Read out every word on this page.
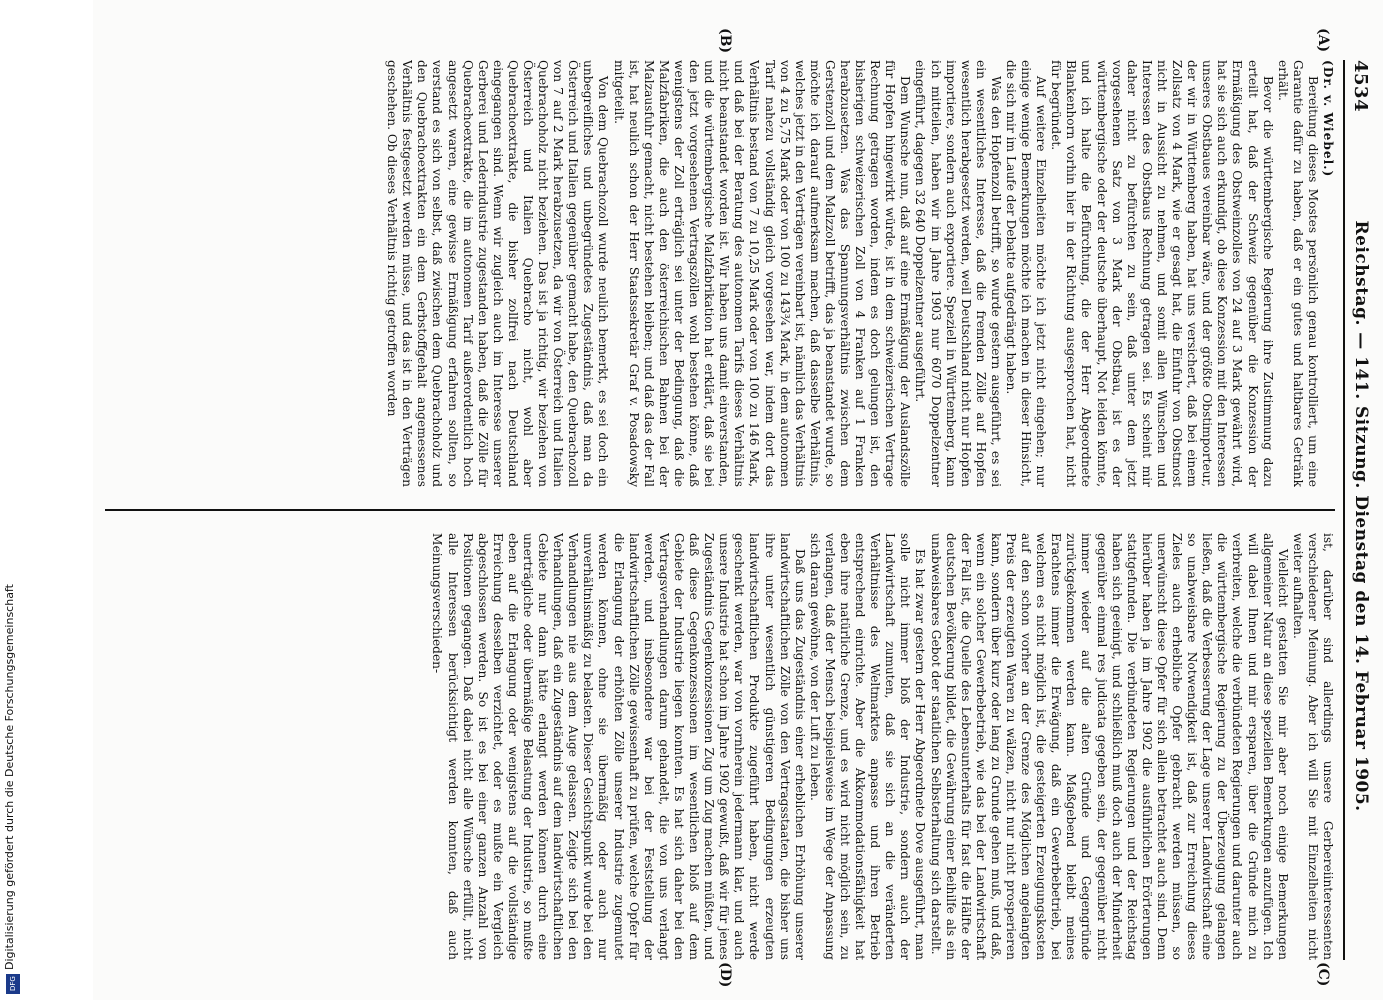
4534
Reichstag. — 141. Sitzung. Dienstag den 14. Februar 1905.

(Dr. v. Wiebel.)

Bereitung dieses Mostes persönlich genau kontrolliert, um eine Garantie dafür zu haben, daß er ein gutes und haltbares Getränk erhält.

Bevor die württembergische Regierung ihre Zustimmung dazu erteilt hat, daß der Schweiz gegenüber die Konzession der Ermäßigung des Obstweinzolles von 24 auf 3 Mark gewährt wird, hat sie sich auch erkundigt, ob diese Konzession mit den Interessen unseres Obstbaues vereinbar wäre, und der größte Obstimporteur, der wir in Württemberg haben, hat uns versichert, daß bei einem Zollsatz von 4 Mark, wie er gesagt hat, die Einfuhr von Obstmost nicht in Aussicht zu nehmen, und somit allen Wünschen und Interessen des Obstbaus Rechnung getragen sei. Es scheint mir daher nicht zu befürchten zu sein, daß unter dem jetzt vorgesehenen Satz von 3 Mark der Obstbau, ist es der württembergische oder der deutsche überhaupt, Not leiden könnte, und ich halte die Befürchtung, die der Herr Abgeordnete Blankenhorn vorhin hier in der Richtung ausgesprochen hat, nicht für begründet.

Auf weitere Einzelheiten möchte ich jetzt nicht eingehen; nur einige wenige Bemerkungen möchte ich machen in dieser Hinsicht, die sich mir im Laufe der Debatte aufgedrängt haben.

Was den Hopfenzoll betrifft, so wurde gestern ausgeführt, es sei ein wesentliches Interesse, daß die fremden Zölle auf Hopfen wesentlich herabgesetzt werden, weil Deutschland nicht nur Hopfen importiere, sondern auch exportiere. Speziell in Württemberg, kann ich mitteilen, haben wir im Jahre 1903 nur 6070 Doppelzentner eingeführt, dagegen 32 640 Doppelzentner ausgeführt.

Dem Wunsche nun, daß auf eine Ermäßigung der Auslandszölle für Hopfen hingewirkt würde, ist in dem schweizerischen Vertrage Rechnung getragen worden, indem es doch gelungen ist, den bisherigen schweizerischen Zoll von 4 Franken auf 1 Franken herabzusetzen. Was das Spannungsverhältnis zwischen dem Gerstenzoll und dem Malzzoll betrifft, das ja beanstandet wurde, so möchte ich darauf aufmerksam machen, daß dasselbe Verhältnis, welches jetzt in den Verträgen vereinbart ist, nämlich das Verhältnis von 4 zu 5,75 Mark oder von 100 zu 143¾ Mark, in dem autonomen Tarif nahezu vollständig gleich vorgesehen war, indem dort das Verhältnis bestand von 7 zu 10,25 Mark oder von 100 zu 146 Mark, und daß bei der Beratung des autonomen Tarifs dieses Verhältnis nicht beanstandet worden ist. Wir haben uns damit einverstanden, und die württembergische Malzfabrikation hat erklärt, daß sie bei den jetzt vorgesehenen Vertragszöllen wohl bestehen könne, daß wenigstens der Zoll erträglich sei unter der Bedingung, daß die Malzfabriken, die auch den österreichischen Bahnen bei der Malzausfuhr gemacht, nicht bestehen bleiben; und daß das der Fall ist, hat neulich schon der Herr Staatssekretär Graf v. Posadowsky mitgeteilt.

Von dem Quebrachozoll wurde neulich bemerkt, es sei doch ein unbegreifliches und unbegründetes Zugeständnis, daß man da Österreich und Italien gegenüber gemacht habe, den Quebrachozoll von 7 auf 2 Mark herabzusetzen, da wir von Österreich und Italien Quebrachoholz nicht beziehen. Das ist ja richtig, wir beziehen von Österreich und Italien Quebracho nicht, wohl aber Quebrachoextrakte, die bisher zollfrei nach Deutschland eingegangen sind. Wenn wir zugleich auch im Interesse unserer Gerberei und Lederindustrie zugestanden haben, daß die Zölle für Quebrachoextrakte, die im autonomen Tarif außerordentlich hoch angesetzt waren, eine gewisse Ermäßigung erfahren sollten, so verstand es sich von selbst, daß zwischen dem Quebrachoholz und den Quebrachoextrakten ein dem Gerbstoffgehalt angemessenes Verhältnis festgesetzt werden müsse, und das ist in den Verträgen geschehen. Ob dieses Verhältnis richtig getroffen worden

ist, darüber sind allerdings unsere Gerbereiinteressenten verschiedener Meinung. Aber ich will Sie mit Einzelheiten nicht weiter aufhalten.

Vielleicht gestatten Sie mir aber noch einige Bemerkungen allgemeiner Natur an diese speziellen Bemerkungen anzufügen. Ich will dabei Ihnen und mir ersparen, über die Gründe mich zu verbreiten, welche die verbündeten Regierungen und darunter auch die württembergische Regierung zu der Überzeugung gelangen ließen, daß die Verbesserung der Lage unserer Landwirtschaft eine so unabweisbare Notwendigkeit ist, daß zur Erreichung dieses Zieles auch erhebliche Opfer gebracht werden müssen, so unerwünscht diese Opfer für sich allein betrachtet auch sind. Denn hierüber haben ja im Jahre 1902 die ausführlichen Erörterungen stattgefunden. Die verbündeten Regierungen und der Reichstag haben sich geeinigt, und schließlich muß doch auch der Minderheit gegenüber einmal res judicata gegeben sein, der gegenüber nicht immer wieder auf die alten Gründe und Gegengründe zurückgekommen werden kann. Maßgebend bleibt meines Erachtens immer die Erwägung, daß ein Gewerbebetrieb, bei welchem es nicht möglich ist, die gesteigerten Erzeugungskosten auf den schon vorher an der Grenze des Möglichen angelangten Preis der erzeugten Waren zu wälzen, nicht nur nicht prosperieren kann, sondern über kurz oder lang zu Grunde gehen muß, und daß, wenn ein solcher Gewerbebetrieb, wie das bei der Landwirtschaft der Fall ist, die Quelle des Lebensunterhalts für fast die Hälfte der deutschen Bevölkerung bildet, die Gewährung einer Beihilfe als ein unabweisbares Gebot der staatlichen Selbsterhaltung sich darstellt.

Es hat zwar gestern der Herr Abgeordnete Dove ausgeführt, man solle nicht immer bloß der Industrie, sondern auch der Landwirtschaft zumuten, daß sie sich an die veränderten Verhältnisse des Weltmarktes anpasse und ihren Betrieb entsprechend einrichte. Aber die Akkommodationsfähigkeit hat eben ihre natürliche Grenze, und es wird nicht möglich sein, zu verlangen, daß der Mensch beispielsweise im Wege der Anpassung sich daran gewöhne, von der Luft zu leben.

Daß uns das Zugeständnis einer erheblichen Erhöhung unserer landwirtschaftlichen Zölle von den Vertragsstaaten, die bisher uns ihre unter wesentlich günstigeren Bedingungen erzeugten landwirtschaftlichen Produkte zugeführt haben, nicht werde geschenkt werden, war von vornherein jedermann klar, und auch unsere Industrie hat schon im Jahre 1902 gewußt, daß wir für jenes Zugeständnis Gegenkonzessionen Zug um Zug machen müßten, und daß diese Gegenkonzessionen im wesentlichen bloß auf dem Gebiete der Industrie liegen konnten. Es hat sich daher bei den Vertragsverhandlungen darum gehandelt, die von uns verlangt werden, und insbesondere war bei der Feststellung der landwirtschaftlichen Zölle gewissenhaft zu prüfen, welche Opfer für die Erlangung der erhöhten Zölle unserer Industrie zugemutet werden können, ohne sie übermäßig oder auch nur unverhältnismäßig zu belasten. Dieser Gesichtspunkt wurde bei den Verhandlungen nie aus dem Auge gelassen. Zeigte sich bei den Verhandlungen, daß ein Zugeständnis auf dem landwirtschaftlichen Gebiete nur dann hätte erlangt werden können durch eine unerträgliche oder übermäßige Belastung der Industrie, so mußte eben auf die Erlangung oder wenigstens auf die vollständige Erreichung desselben verzichtet, oder es mußte ein Vergleich abgeschlossen werden. So ist es bei einer ganzen Anzahl von Positionen gegangen. Daß dabei nicht alle Wünsche erfüllt, nicht alle Interessen berücksichtigt werden konnten, daß auch Meinungsverschieden-

(A)
(B)
(C)
(D)
Digitalisierung gefördert durch die Deutsche Forschungsgemeinschaft
DFG
